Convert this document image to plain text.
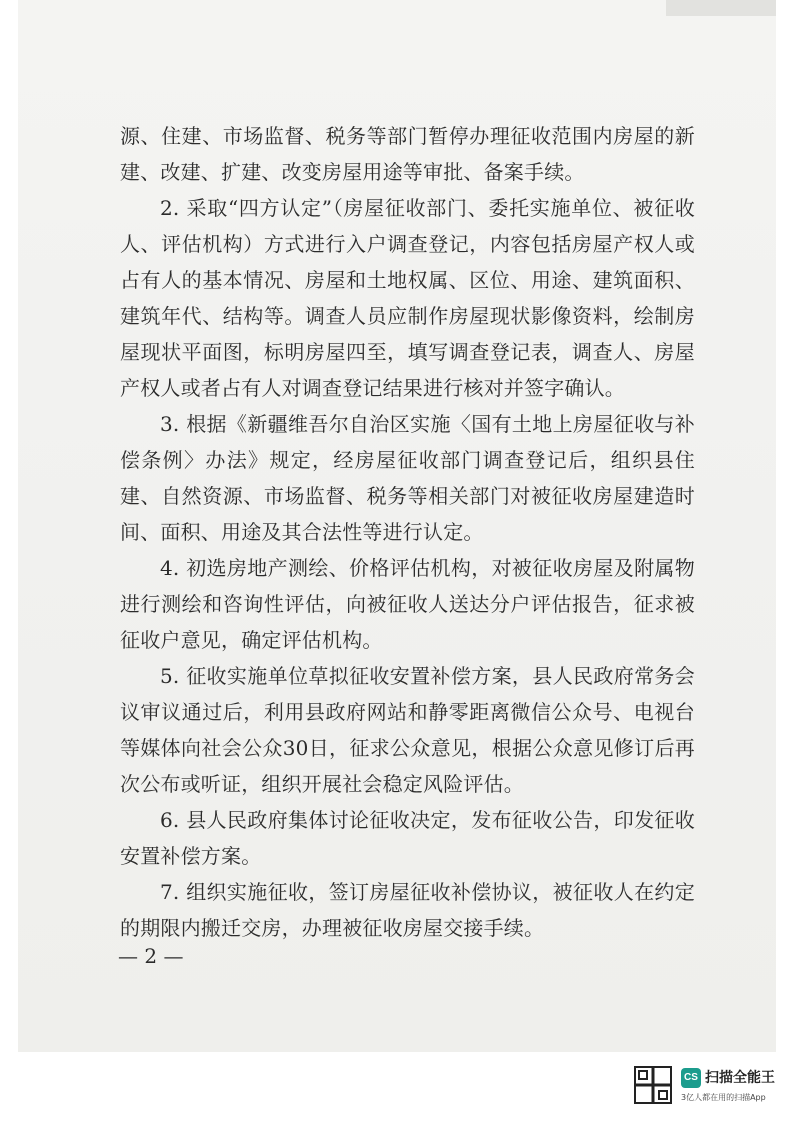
源、住建、市场监督、税务等部门暂停办理征收范围内房屋的新建、改建、扩建、改变房屋用途等审批、备案手续。

2. 采取“四方认定”（房屋征收部门、委托实施单位、被征收人、评估机构）方式进行入户调查登记，内容包括房屋产权人或占有人的基本情况、房屋和土地权属、区位、用途、建筑面积、建筑年代、结构等。调查人员应制作房屋现状影像资料，绘制房屋现状平面图，标明房屋四至，填写调查登记表，调查人、房屋产权人或者占有人对调查登记结果进行核对并签字确认。

3. 根据《新疆维吾尔自治区实施〈国有土地上房屋征收与补偿条例〉办法》规定，经房屋征收部门调查登记后，组织县住建、自然资源、市场监督、税务等相关部门对被征收房屋建造时间、面积、用途及其合法性等进行认定。

4. 初选房地产测绘、价格评估机构，对被征收房屋及附属物进行测绘和咨询性评估，向被征收人送达分户评估报告，征求被征收户意见，确定评估机构。

5. 征收实施单位草拟征收安置补偿方案，县人民政府常务会议审议通过后，利用县政府网站和静零距离微信公众号、电视台等媒体向社会公众30日，征求公众意见，根据公众意见修订后再次公布或听证，组织开展社会稳定风险评估。

6. 县人民政府集体讨论征收决定，发布征收公告，印发征收安置补偿方案。

7. 组织实施征收，签订房屋征收补偿协议，被征收人在约定的期限内搬迁交房，办理被征收房屋交接手续。

— 2 —
CS 扫描全能王
3亿人都在用的扫描App
